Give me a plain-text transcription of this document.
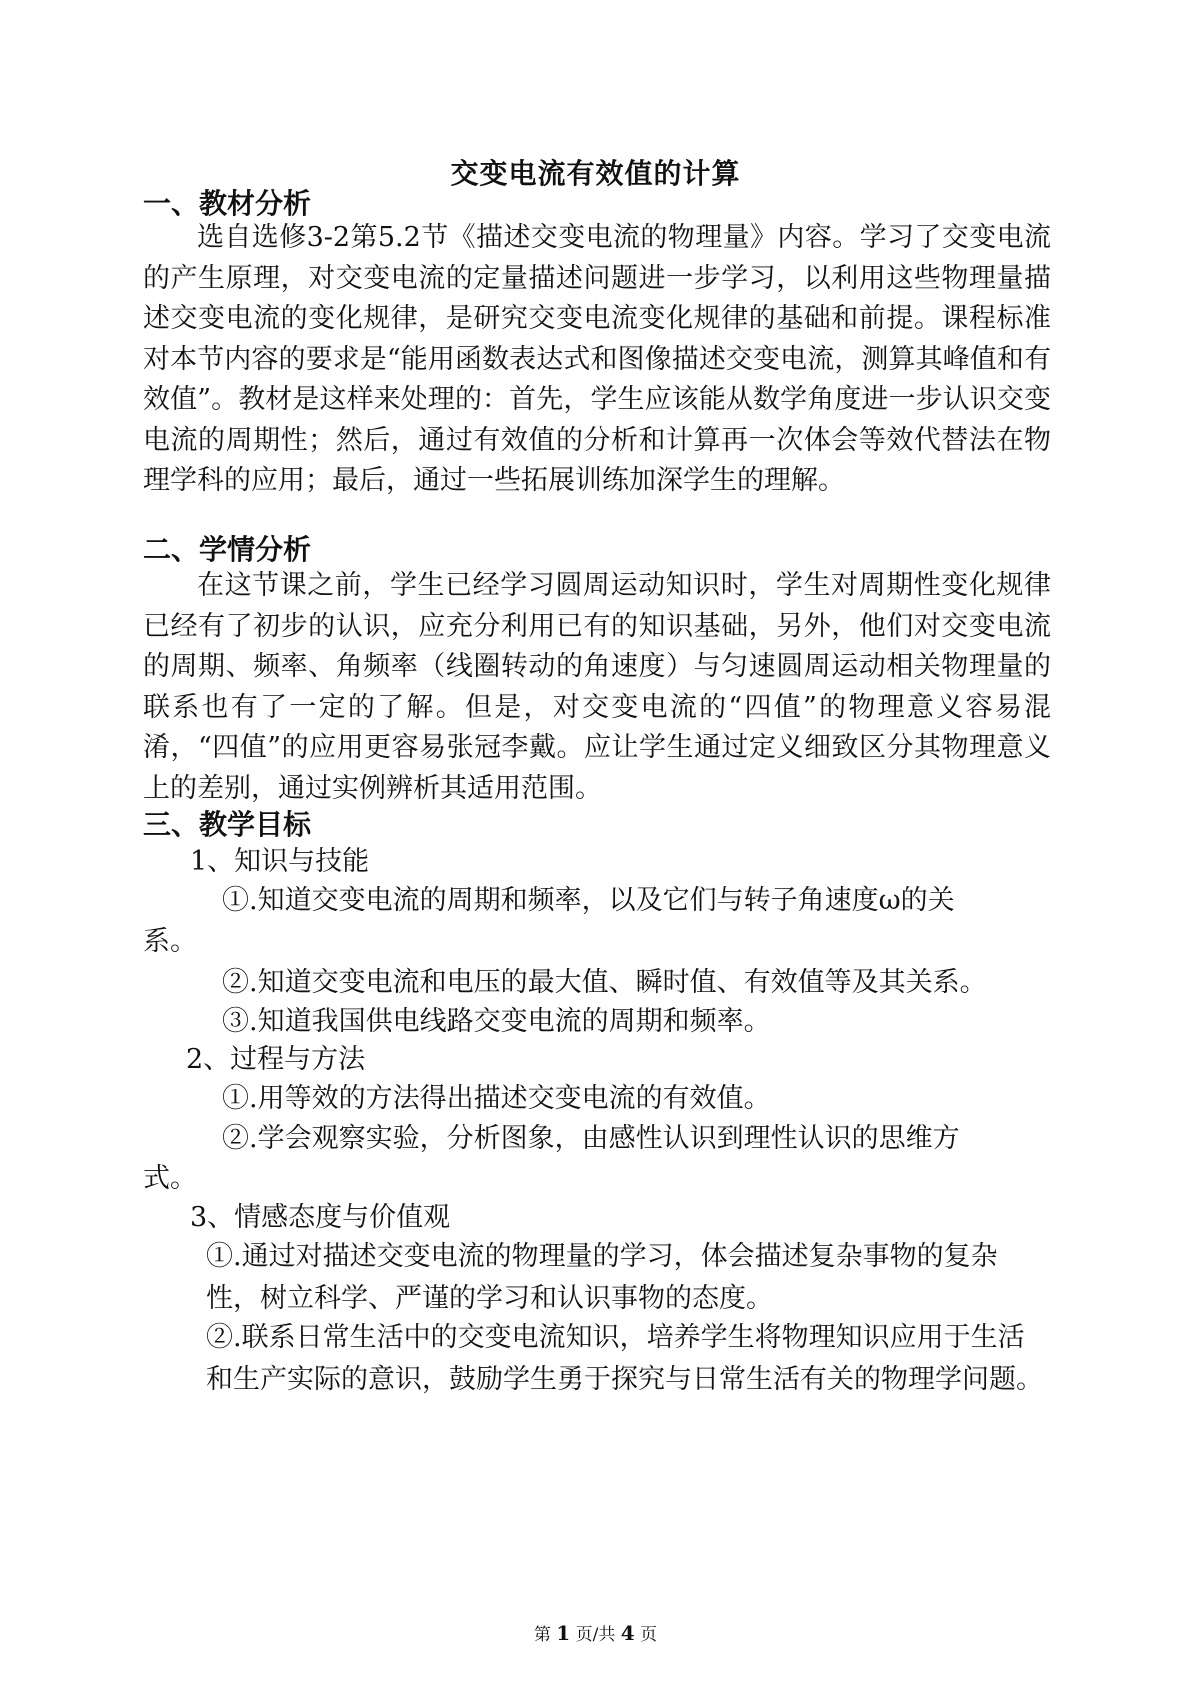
交变电流有效值的计算
一、教材分析
选自选修3-2第5.2节《描述交变电流的物理量》内容。学习了交变电流的产生原理，对交变电流的定量描述问题进一步学习，以利用这些物理量描述交变电流的变化规律，是研究交变电流变化规律的基础和前提。课程标准对本节内容的要求是“能用函数表达式和图像描述交变电流，测算其峰值和有效值”。教材是这样来处理的：首先，学生应该能从数学角度进一步认识交变电流的周期性；然后，通过有效值的分析和计算再一次体会等效代替法在物理学科的应用；最后，通过一些拓展训练加深学生的理解。
二、学情分析
在这节课之前，学生已经学习圆周运动知识时，学生对周期性变化规律已经有了初步的认识，应充分利用已有的知识基础，另外，他们对交变电流的周期、频率、角频率（线圈转动的角速度）与匀速圆周运动相关物理量的联系也有了一定的了解。但是，对交变电流的“四值”的物理意义容易混淆，“四值”的应用更容易张冠李戴。应让学生通过定义细致区分其物理意义上的差别，通过实例辨析其适用范围。
三、教学目标
1、知识与技能
①.知道交变电流的周期和频率，以及它们与转子角速度ω的关
系。
②.知道交变电流和电压的最大值、瞬时值、有效值等及其关系。
③.知道我国供电线路交变电流的周期和频率。
2、过程与方法
①.用等效的方法得出描述交变电流的有效值。
②.学会观察实验，分析图象，由感性认识到理性认识的思维方
式。
3、情感态度与价值观
①.通过对描述交变电流的物理量的学习，体会描述复杂事物的复杂性，树立科学、严谨的学习和认识事物的态度。
②.联系日常生活中的交变电流知识，培养学生将物理知识应用于生活和生产实际的意识，鼓励学生勇于探究与日常生活有关的物理学问题。
第 1 页/共 4 页
